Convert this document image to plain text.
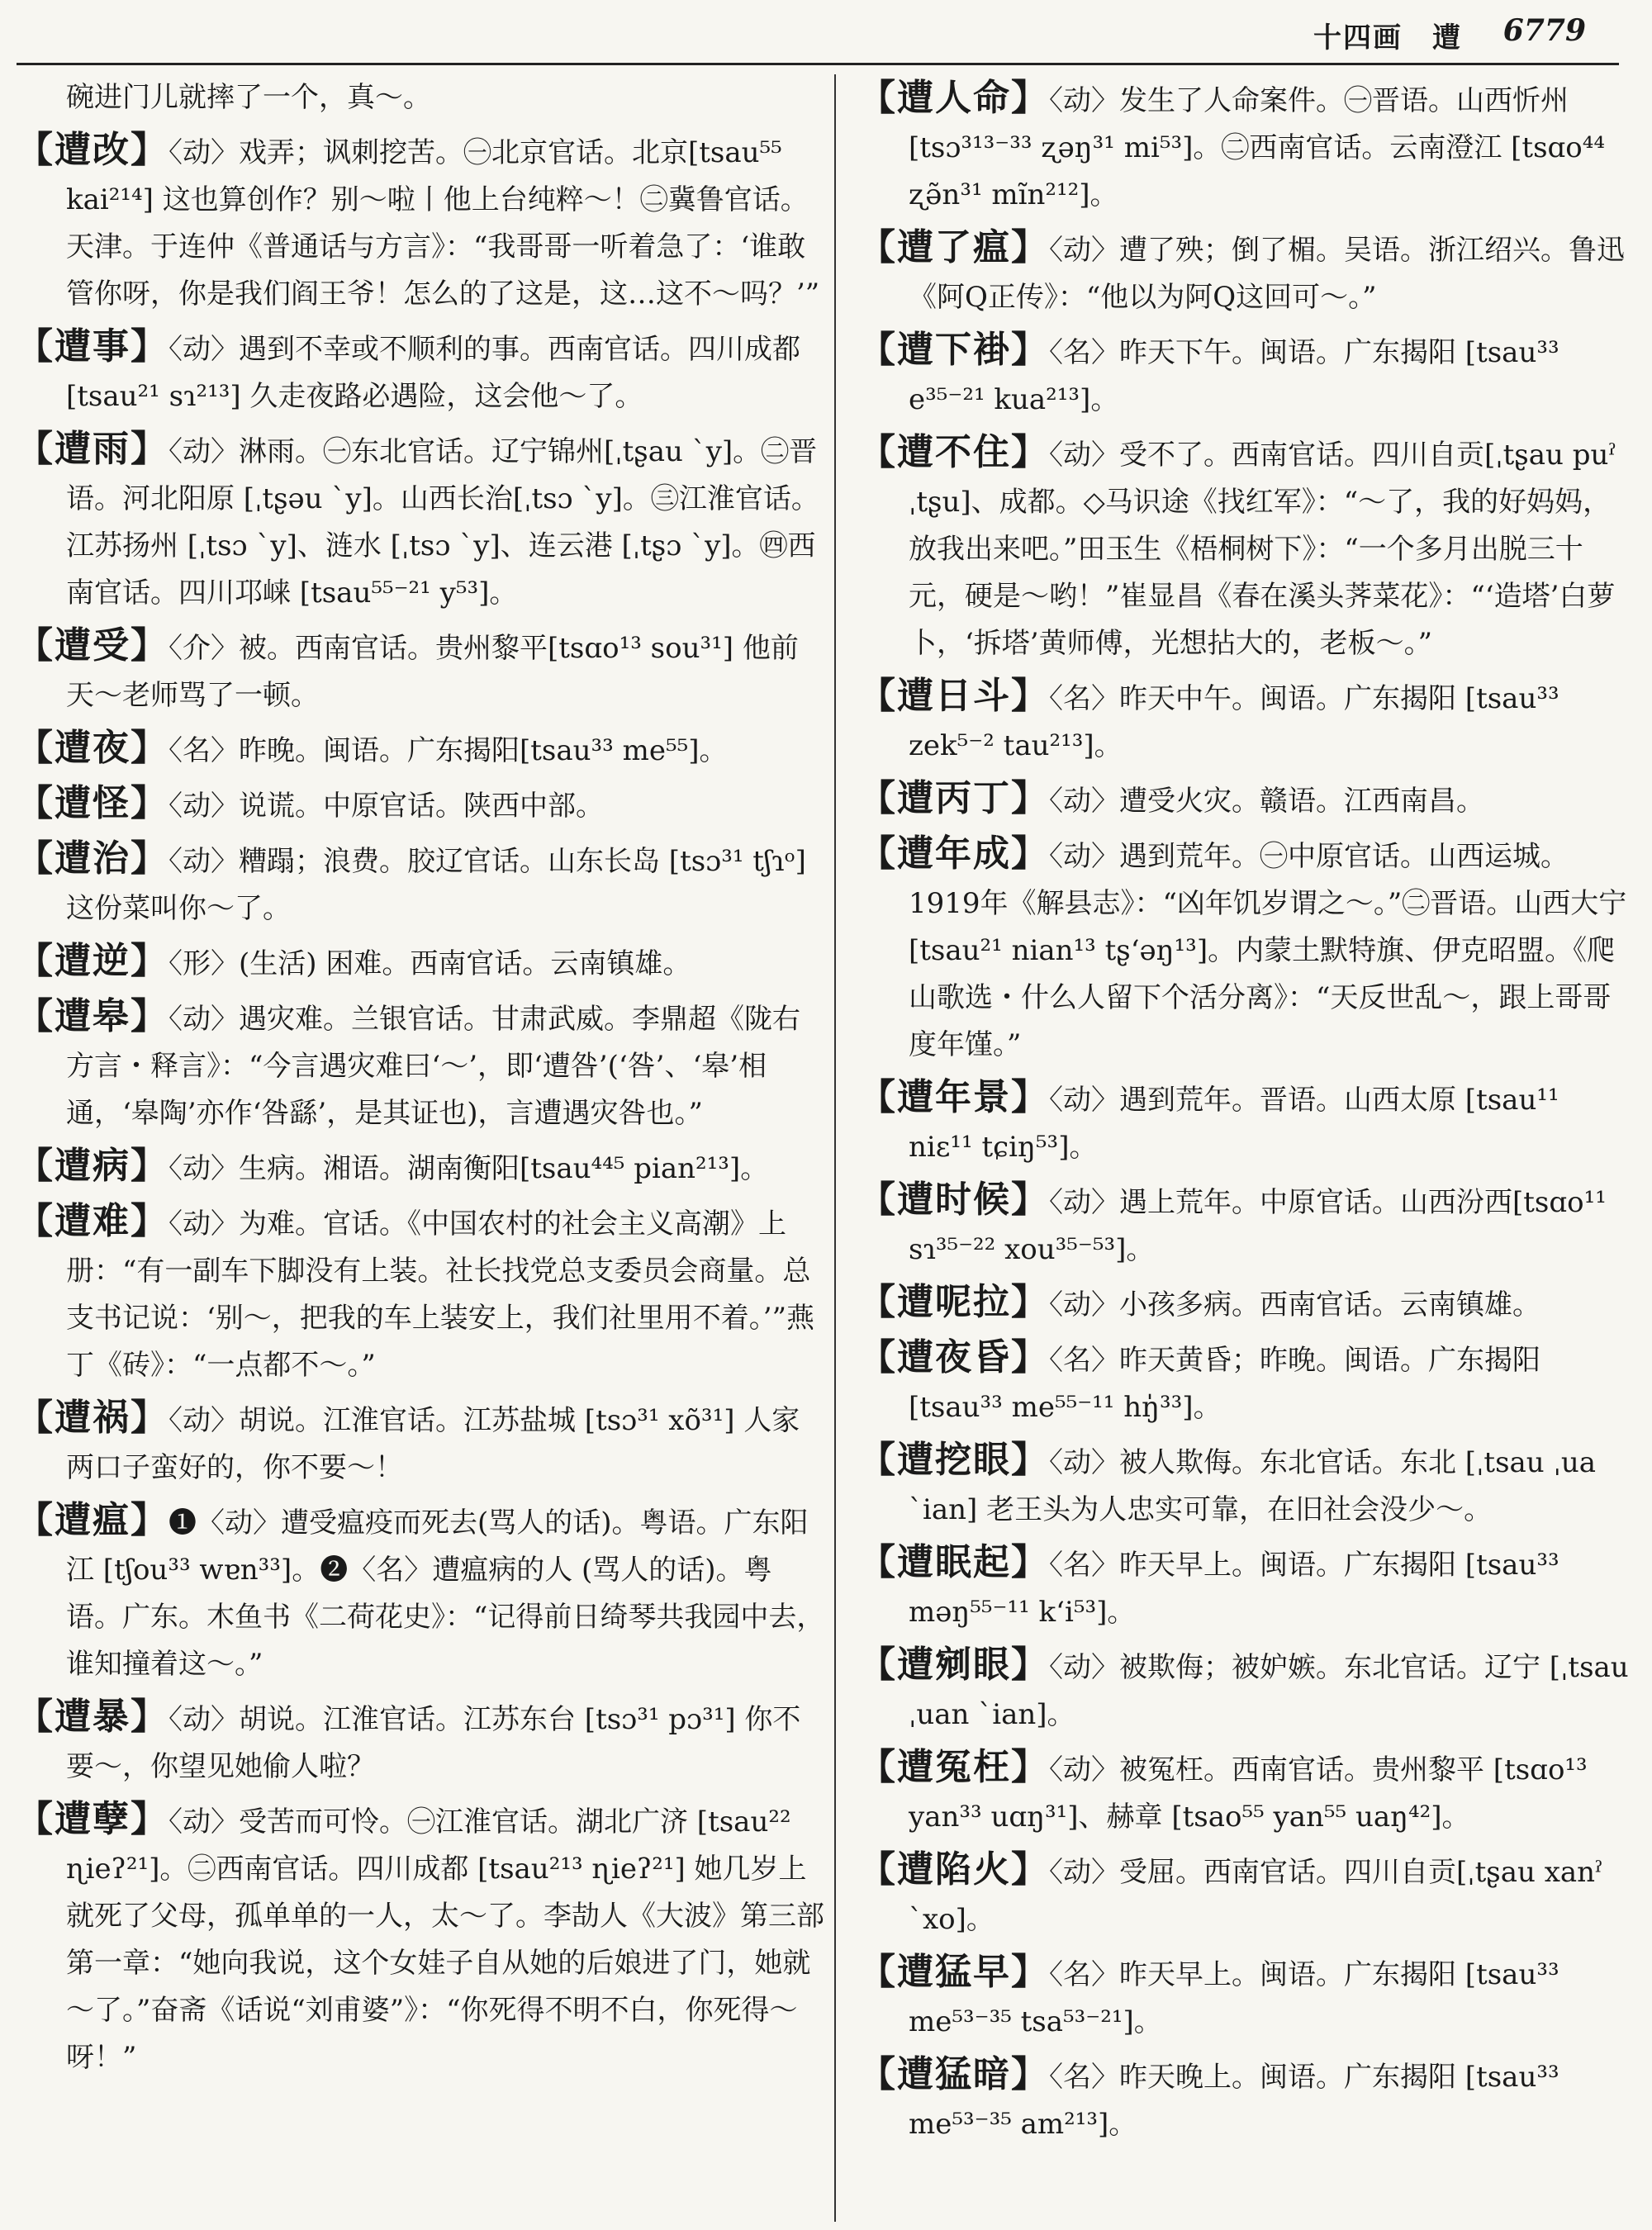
十四画　遭 6779
碗进门儿就摔了一个，真～。
【遭改】〈动〉戏弄；讽刺挖苦。㊀北京官话。北京[tsau⁵⁵ kai²¹⁴] 这也算创作？别～啦丨他上台纯粹～！㊁冀鲁官话。天津。于连仲《普通话与方言》：“我哥哥一听着急了：‘谁敢管你呀，你是我们阎王爷！怎么的了这是，这…这不～吗？’”
【遭事】〈动〉遇到不幸或不顺利的事。西南官话。四川成都 [tsau²¹ sɿ²¹³] 久走夜路必遇险，这会他～了。
【遭雨】〈动〉淋雨。㊀东北官话。辽宁锦州[ˌtʂau ˋy]。㊁晋语。河北阳原 [ˌtʂəu ˋy]。山西长治[ˌtsɔ ˋy]。㊂江淮官话。江苏扬州 [ˌtsɔ ˋy]、涟水 [ˌtsɔ ˋy]、连云港 [ˌtʂɔ ˋy]。㊃西南官话。四川邛崃 [tsau⁵⁵⁻²¹ y⁵³]。
【遭受】〈介〉被。西南官话。贵州黎平[tsɑo¹³ sou³¹] 他前天～老师骂了一顿。
【遭夜】〈名〉昨晚。闽语。广东揭阳[tsau³³ me⁵⁵]。
【遭怪】〈动〉说谎。中原官话。陕西中部。
【遭治】〈动〉糟蹋；浪费。胶辽官话。山东长岛 [tsɔ³¹ tʃɿᵒ]这份菜叫你～了。
【遭逆】〈形〉(生活) 困难。西南官话。云南镇雄。
【遭皋】〈动〉遇灾难。兰银官话。甘肃武威。李鼎超《陇右方言・释言》：“今言遇灾难曰‘～’，即‘遭咎’(‘咎’、‘皋’相通，‘皋陶’亦作‘咎繇’，是其证也)，言遭遇灾咎也。”
【遭病】〈动〉生病。湘语。湖南衡阳[tsau⁴⁴⁵ pian²¹³]。
【遭难】〈动〉为难。官话。《中国农村的社会主义高潮》上册：“有一副车下脚没有上装。社长找党总支委员会商量。总支书记说：‘别～，把我的车上装安上，我们社里用不着。’”燕丁《砖》：“一点都不～。”
【遭祸】〈动〉胡说。江淮官话。江苏盐城 [tsɔ³¹ xõ³¹] 人家两口子蛮好的，你不要～！
【遭瘟】❶〈动〉遭受瘟疫而死去(骂人的话)。粤语。广东阳江 [tʃou³³ wɐn³³]。❷〈名〉遭瘟病的人 (骂人的话)。粤语。广东。木鱼书《二荷花史》：“记得前日绮琴共我园中去，谁知撞着这～。”
【遭暴】〈动〉胡说。江淮官话。江苏东台 [tsɔ³¹ pɔ³¹] 你不要～，你望见她偷人啦？
【遭孽】〈动〉受苦而可怜。㊀江淮官话。湖北广济 [tsau²² ɳieʔ²¹]。㊁西南官话。四川成都 [tsau²¹³ ɳieʔ²¹] 她几岁上就死了父母，孤单单的一人，太～了。李劼人《大波》第三部第一章：“她向我说，这个女娃子自从她的后娘进了门，她就～了。”奋斋《话说“刘甫婆”》：“你死得不明不白，你死得～呀！”
【遭人命】〈动〉发生了人命案件。㊀晋语。山西忻州 [tsɔ³¹³⁻³³ ʐəŋ³¹ mi⁵³]。㊁西南官话。云南澄江 [tsɑo⁴⁴ ʐə̃n³¹ mĩn²¹²]。
【遭了瘟】〈动〉遭了殃；倒了楣。吴语。浙江绍兴。鲁迅《阿Q正传》：“他以为阿Q这回可～。”
【遭下褂】〈名〉昨天下午。闽语。广东揭阳 [tsau³³ e³⁵⁻²¹ kua²¹³]。
【遭不住】〈动〉受不了。西南官话。四川自贡[ˌtʂau puˀ ˌtʂu]、成都。◇马识途《找红军》：“～了，我的好妈妈，放我出来吧。”田玉生《梧桐树下》：“一个多月出脱三十元，硬是～哟！”崔显昌《春在溪头荠菜花》：“‘造塔’白萝卜，‘拆塔’黄师傅，光想拈大的，老板～。”
【遭日斗】〈名〉昨天中午。闽语。广东揭阳 [tsau³³ zek⁵⁻² tau²¹³]。
【遭丙丁】〈动〉遭受火灾。赣语。江西南昌。
【遭年成】〈动〉遇到荒年。㊀中原官话。山西运城。1919年《解县志》：“凶年饥岁谓之～。”㊁晋语。山西大宁 [tsau²¹ nian¹³ tʂʻəŋ¹³]。内蒙土默特旗、伊克昭盟。《爬山歌选・什么人留下个活分离》：“天反世乱～，跟上哥哥度年馑。”
【遭年景】〈动〉遇到荒年。晋语。山西太原 [tsau¹¹ niɛ¹¹ tɕiŋ⁵³]。
【遭时候】〈动〉遇上荒年。中原官话。山西汾西[tsɑo¹¹ sɿ³⁵⁻²² xou³⁵⁻⁵³]。
【遭呢拉】〈动〉小孩多病。西南官话。云南镇雄。
【遭夜昏】〈名〉昨天黄昏；昨晚。闽语。广东揭阳 [tsau³³ me⁵⁵⁻¹¹ hŋ̍³³]。
【遭挖眼】〈动〉被人欺侮。东北官话。东北 [ˌtsau ˌua ˋian] 老王头为人忠实可靠，在旧社会没少～。
【遭眠起】〈名〉昨天早上。闽语。广东揭阳 [tsau³³ məŋ⁵⁵⁻¹¹ kʻi⁵³]。
【遭剜眼】〈动〉被欺侮；被妒嫉。东北官话。辽宁 [ˌtsau ˌuan ˋian]。
【遭冤枉】〈动〉被冤枉。西南官话。贵州黎平 [tsɑo¹³ yan³³ uɑŋ³¹]、赫章 [tsao⁵⁵ yan⁵⁵ uaŋ⁴²]。
【遭陷火】〈动〉受屈。西南官话。四川自贡[ˌtʂau xanˀ ˋxo]。
【遭猛早】〈名〉昨天早上。闽语。广东揭阳 [tsau³³ me⁵³⁻³⁵ tsa⁵³⁻²¹]。
【遭猛暗】〈名〉昨天晚上。闽语。广东揭阳 [tsau³³ me⁵³⁻³⁵ am²¹³]。
